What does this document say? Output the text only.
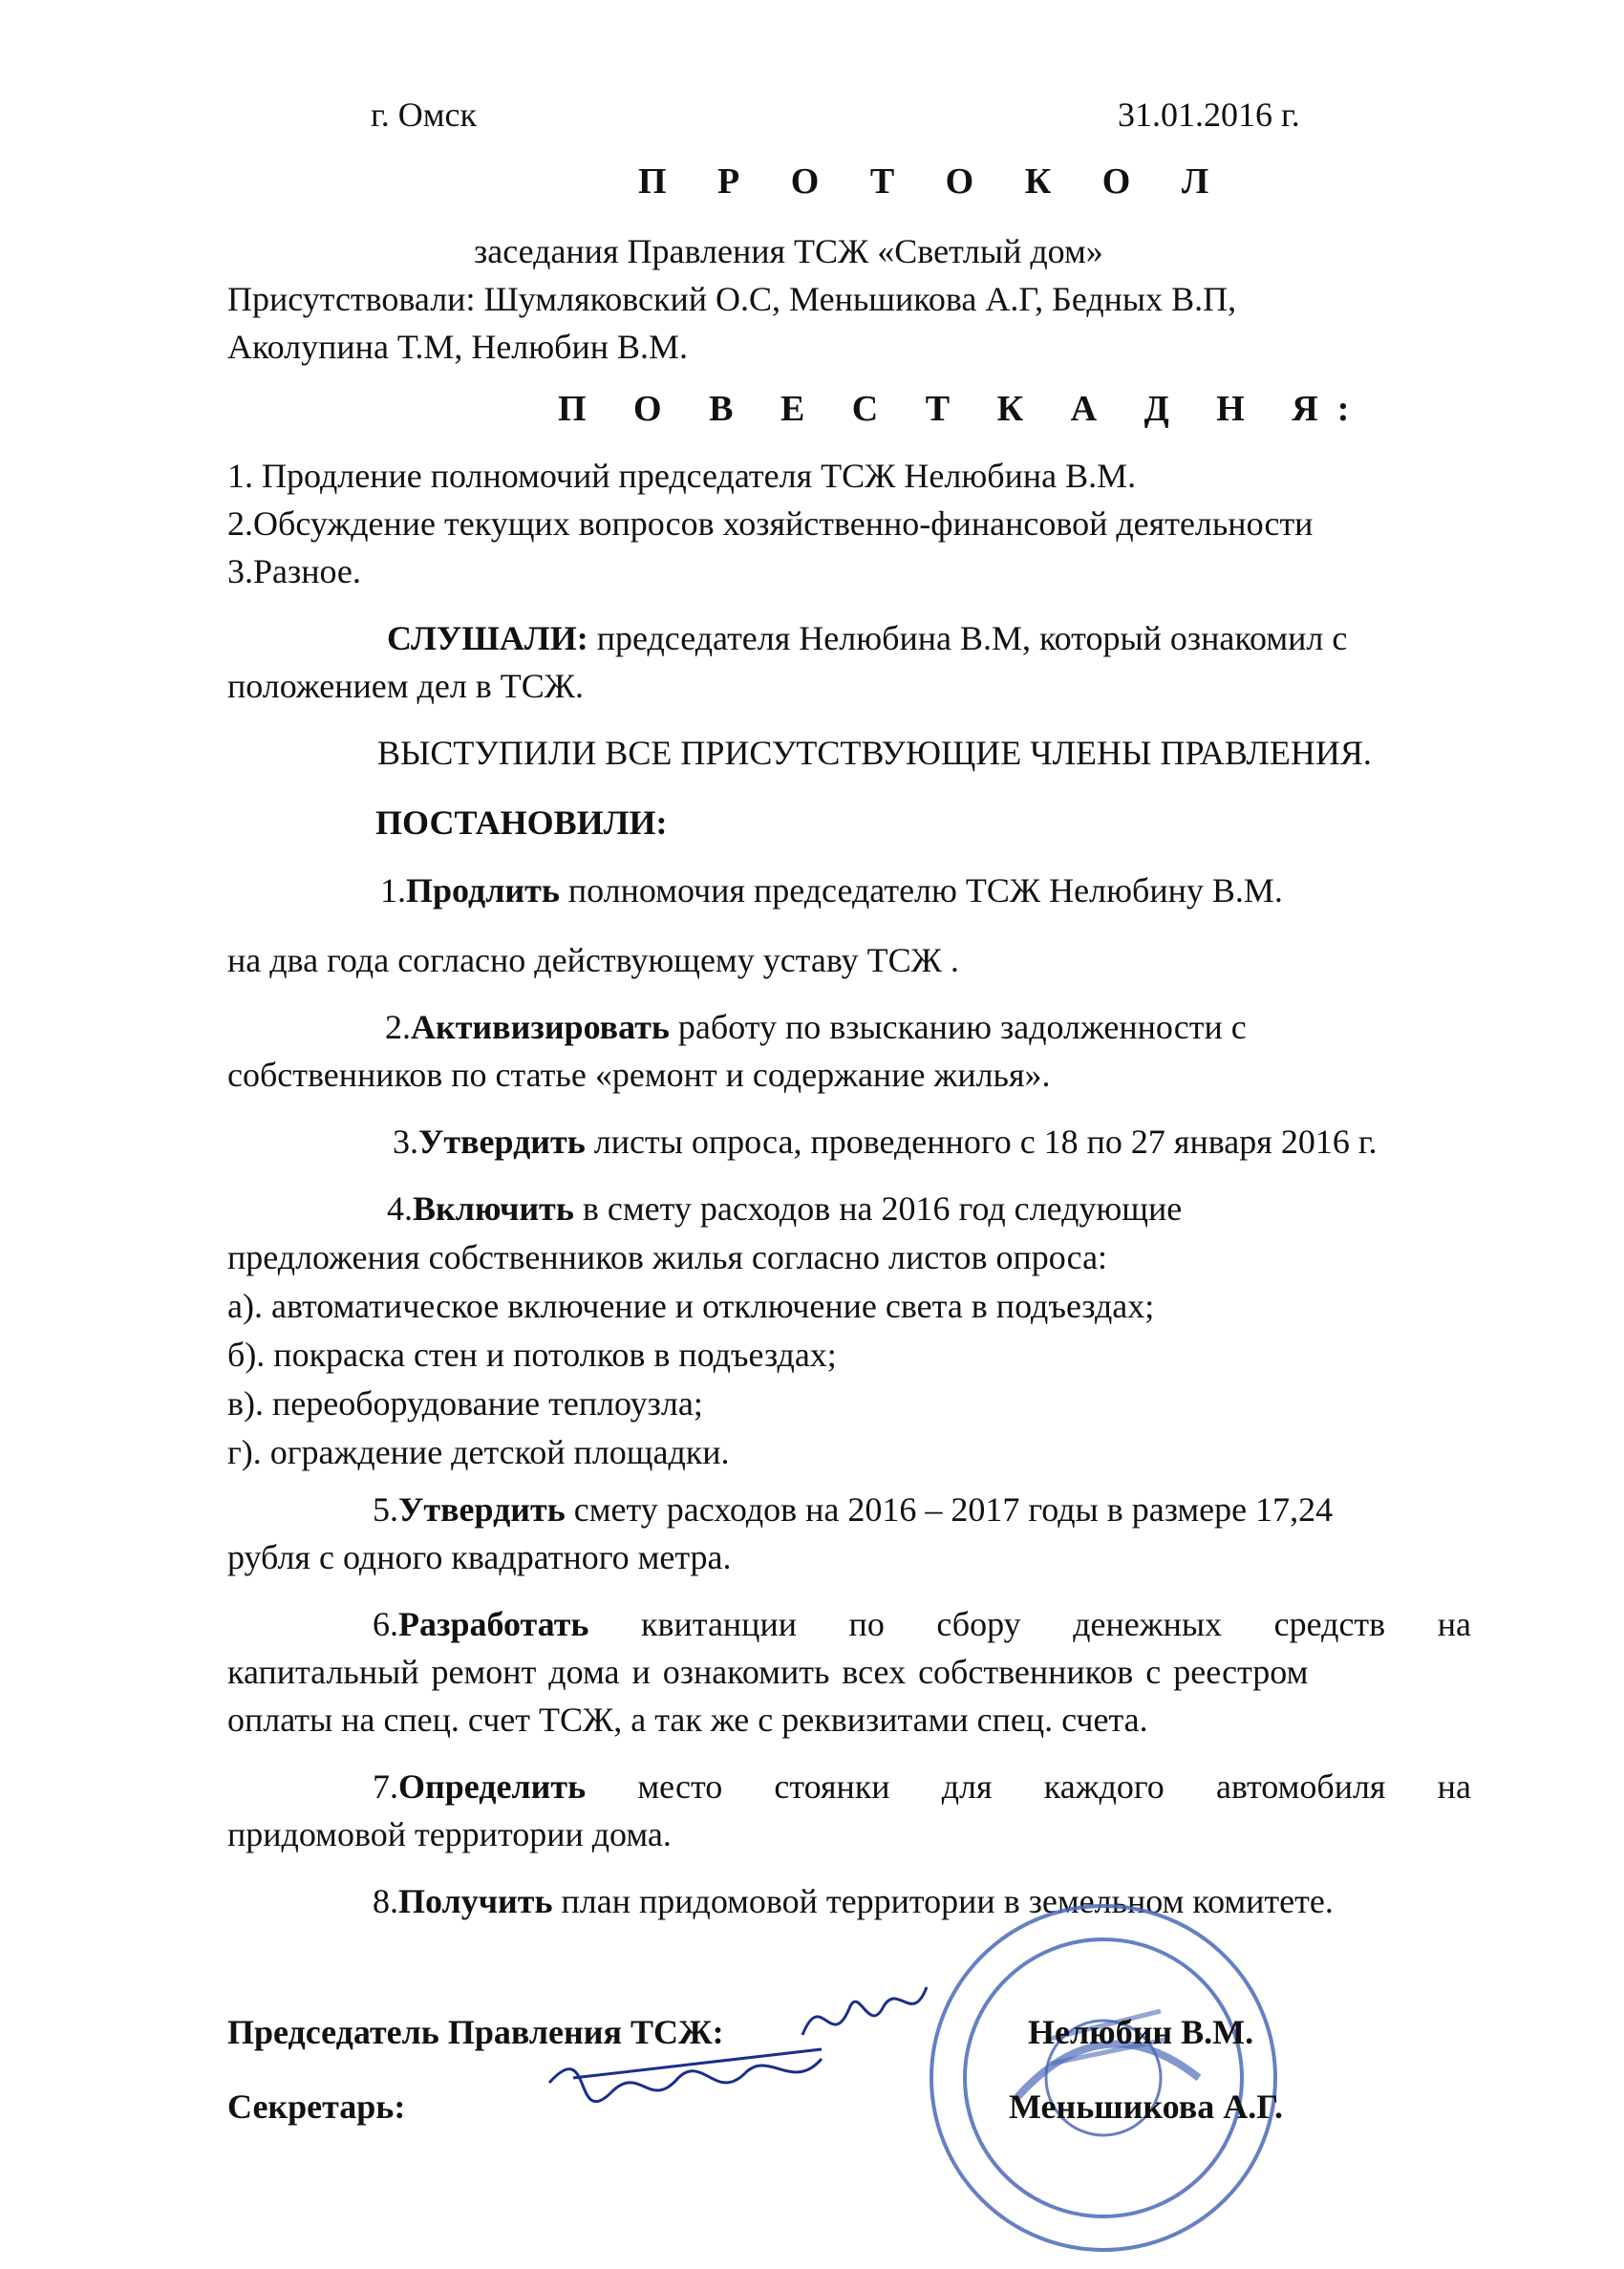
г. Омск	31.01.2016 г.
П Р О Т О К О Л
заседания Правления ТСЖ «Светлый дом»
Присутствовали: Шумляковский О.С, Меньшикова А.Г, Бедных В.П,
Аколупина Т.М, Нелюбин В.М.
П О В Е С Т К А Д Н Я:
1. Продление полномочий председателя ТСЖ Нелюбина В.М.
2.Обсуждение текущих вопросов хозяйственно-финансовой деятельности
3.Разное.
СЛУШАЛИ: председателя Нелюбина В.М, который ознакомил с
положением дел в ТСЖ.
ВЫСТУПИЛИ ВСЕ ПРИСУТСТВУЮЩИЕ ЧЛЕНЫ ПРАВЛЕНИЯ.
ПОСТАНОВИЛИ:
1.Продлить полномочия председателю ТСЖ Нелюбину В.М.
на два года согласно действующему уставу ТСЖ .
2.Активизировать работу по взысканию задолженности с
собственников по статье «ремонт и содержание жилья».
3.Утвердить листы опроса, проведенного с 18 по 27 января 2016 г.
4.Включить в смету расходов на 2016 год следующие
предложения собственников жилья согласно листов опроса:
а). автоматическое включение и отключение света в подъездах;
б). покраска стен и потолков в подъездах;
в). переоборудование теплоузла;
г). ограждение детской площадки.
5.Утвердить смету расходов на 2016 – 2017 годы в размере 17,24
рубля с одного квадратного метра.
6.Разработать квитанции по сбору денежных средств на
капитальный ремонт дома и ознакомить всех собственников с реестром
оплаты на спец. счет ТСЖ, а так же с реквизитами спец. счета.
7.Определить место стоянки для каждого автомобиля на
придомовой территории дома.
8.Получить план придомовой территории в земельном комитете.
Председатель Правления ТСЖ:	Нелюбин В.М.
Секретарь:	Меньшикова А.Г.
